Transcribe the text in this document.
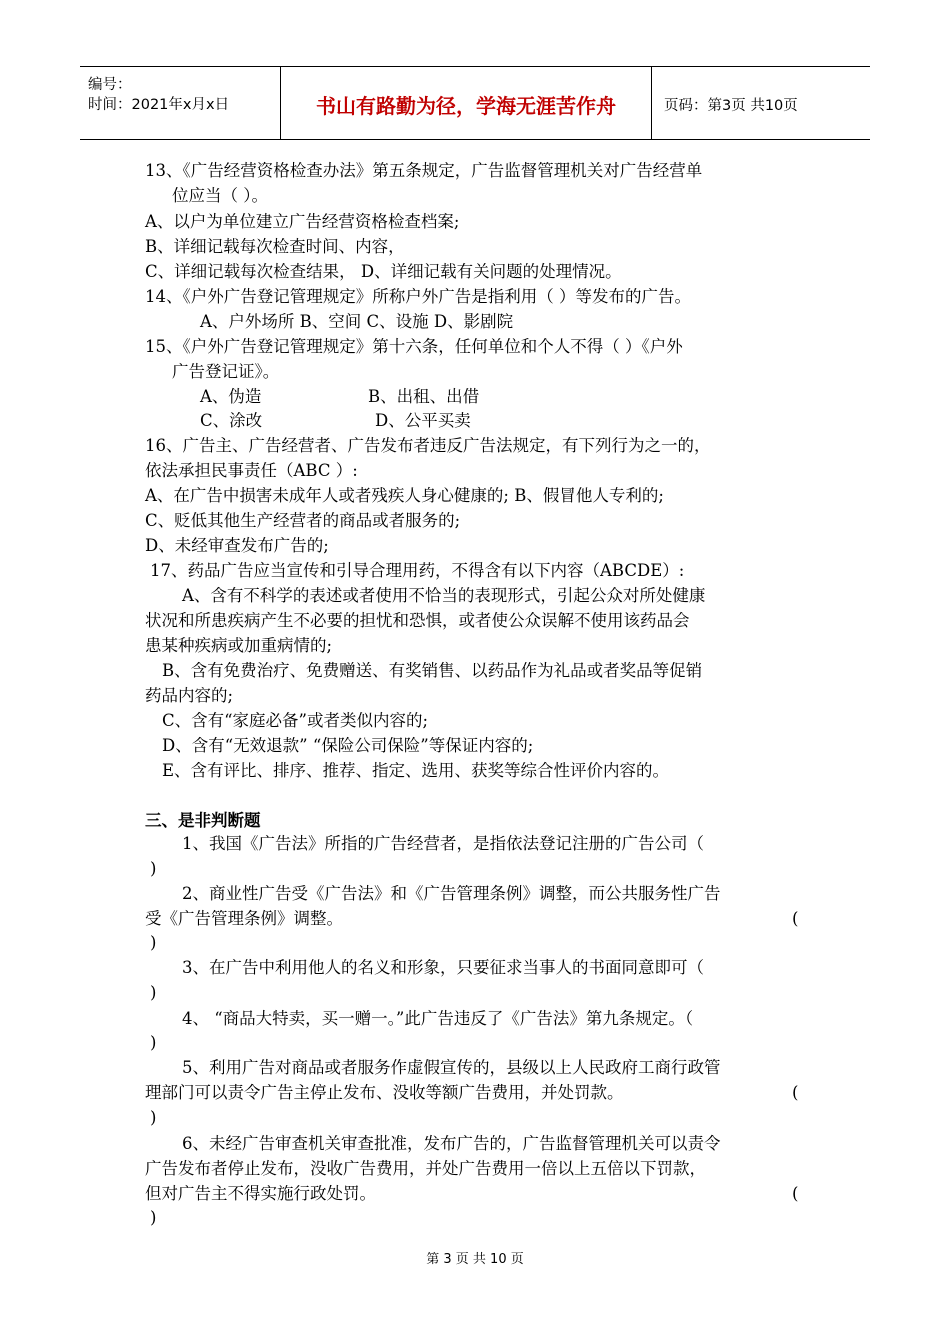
编号：
时间：2021年x月x日	书山有路勤为径，学海无涯苦作舟	页码：第3页 共10页
13、《广告经营资格检查办法》第五条规定，广告监督管理机关对广告经营单
位应当（ ）。
A、以户为单位建立广告经营资格检查档案;
B、详细记载每次检查时间、内容，
C、详细记载每次检查结果， D、详细记载有关问题的处理情况。
14、《户外广告登记管理规定》所称户外广告是指利用（ ）等发布的广告。
A、户外场所 B、空间 C、设施 D、影剧院
15、《户外广告登记管理规定》第十六条，任何单位和个人不得（ ）《户外
广告登记证》。
A、伪造	B、出租、出借
C、涂改	D、公平买卖
16、广告主、广告经营者、广告发布者违反广告法规定，有下列行为之一的，
依法承担民事责任（ABC ）:
A、在广告中损害未成年人或者残疾人身心健康的; B、假冒他人专利的;
C、贬低其他生产经营者的商品或者服务的;
D、未经审查发布广告的;
17、药品广告应当宣传和引导合理用药，不得含有以下内容（ABCDE）:
A、含有不科学的表述或者使用不恰当的表现形式，引起公众对所处健康
状况和所患疾病产生不必要的担忧和恐惧，或者使公众误解不使用该药品会
患某种疾病或加重病情的;
B、含有免费治疗、免费赠送、有奖销售、以药品作为礼品或者奖品等促销
药品内容的;
C、含有“家庭必备”或者类似内容的;
D、含有“无效退款” “保险公司保险”等保证内容的;
E、含有评比、排序、推荐、指定、选用、获奖等综合性评价内容的。
三、是非判断题
1、我国《广告法》所指的广告经营者，是指依法登记注册的广告公司（
)
2、商业性广告受《广告法》和《广告管理条例》调整，而公共服务性广告
受《广告管理条例》调整。	(
)
3、在广告中利用他人的名义和形象，只要征求当事人的书面同意即可（
)
4、 “商品大特卖，买一赠一。”此广告违反了《广告法》第九条规定。（
)
5、利用广告对商品或者服务作虚假宣传的，县级以上人民政府工商行政管
理部门可以责令广告主停止发布、没收等额广告费用，并处罚款。	(
)
6、未经广告审查机关审查批准，发布广告的，广告监督管理机关可以责令
广告发布者停止发布，没收广告费用，并处广告费用一倍以上五倍以下罚款，
但对广告主不得实施行政处罚。	(
)
第 3 页 共 10 页
